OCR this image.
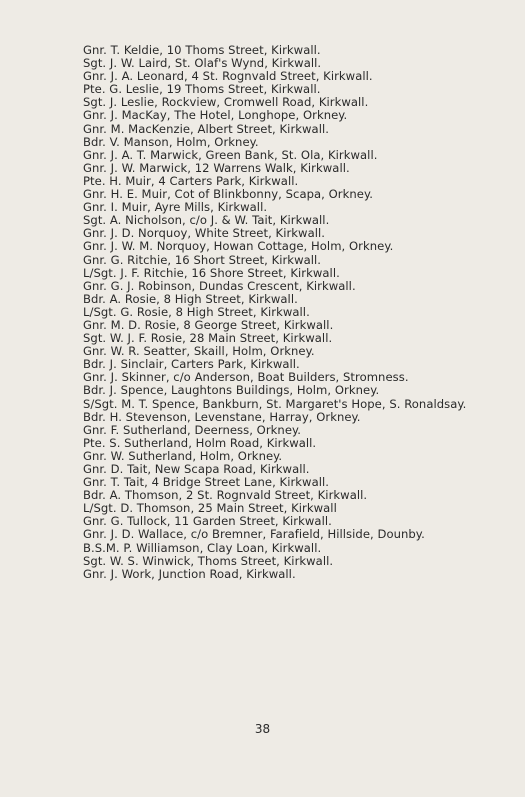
Gnr. T. Keldie, 10 Thoms Street, Kirkwall.
Sgt. J. W. Laird, St. Olaf's Wynd, Kirkwall.
Gnr. J. A. Leonard, 4 St. Rognvald Street, Kirkwall.
Pte. G. Leslie, 19 Thoms Street, Kirkwall.
Sgt. J. Leslie, Rockview, Cromwell Road, Kirkwall.
Gnr. J. MacKay, The Hotel, Longhope, Orkney.
Gnr. M. MacKenzie, Albert Street, Kirkwall.
Bdr. V. Manson, Holm, Orkney.
Gnr. J. A. T. Marwick, Green Bank, St. Ola, Kirkwall.
Gnr. J. W. Marwick, 12 Warrens Walk, Kirkwall.
Pte. H. Muir, 4 Carters Park, Kirkwall.
Gnr. H. E. Muir, Cot of Blinkbonny, Scapa, Orkney.
Gnr. I. Muir, Ayre Mills, Kirkwall.
Sgt. A. Nicholson, c/o J. & W. Tait, Kirkwall.
Gnr. J. D. Norquoy, White Street, Kirkwall.
Gnr. J. W. M. Norquoy, Howan Cottage, Holm, Orkney.
Gnr. G. Ritchie, 16 Short Street, Kirkwall.
L/Sgt. J. F. Ritchie, 16 Shore Street, Kirkwall.
Gnr. G. J. Robinson, Dundas Crescent, Kirkwall.
Bdr. A. Rosie, 8 High Street, Kirkwall.
L/Sgt. G. Rosie, 8 High Street, Kirkwall.
Gnr. M. D. Rosie, 8 George Street, Kirkwall.
Sgt. W. J. F. Rosie, 28 Main Street, Kirkwall.
Gnr. W. R. Seatter, Skaill, Holm, Orkney.
Bdr. J. Sinclair, Carters Park, Kirkwall.
Gnr. J. Skinner, c/o Anderson, Boat Builders, Stromness.
Bdr. J. Spence, Laughtons Buildings, Holm, Orkney.
S/Sgt. M. T. Spence, Bankburn, St. Margaret's Hope, S. Ronaldsay.
Bdr. H. Stevenson, Levenstane, Harray, Orkney.
Gnr. F. Sutherland, Deerness, Orkney.
Pte. S. Sutherland, Holm Road, Kirkwall.
Gnr. W. Sutherland, Holm, Orkney.
Gnr. D. Tait, New Scapa Road, Kirkwall.
Gnr. T. Tait, 4 Bridge Street Lane, Kirkwall.
Bdr. A. Thomson, 2 St. Rognvald Street, Kirkwall.
L/Sgt. D. Thomson, 25 Main Street, Kirkwall
Gnr. G. Tullock, 11 Garden Street, Kirkwall.
Gnr. J. D. Wallace, c/o Bremner, Farafield, Hillside, Dounby.
B.S.M. P. Williamson, Clay Loan, Kirkwall.
Sgt. W. S. Winwick, Thoms Street, Kirkwall.
Gnr. J. Work, Junction Road, Kirkwall.
38
